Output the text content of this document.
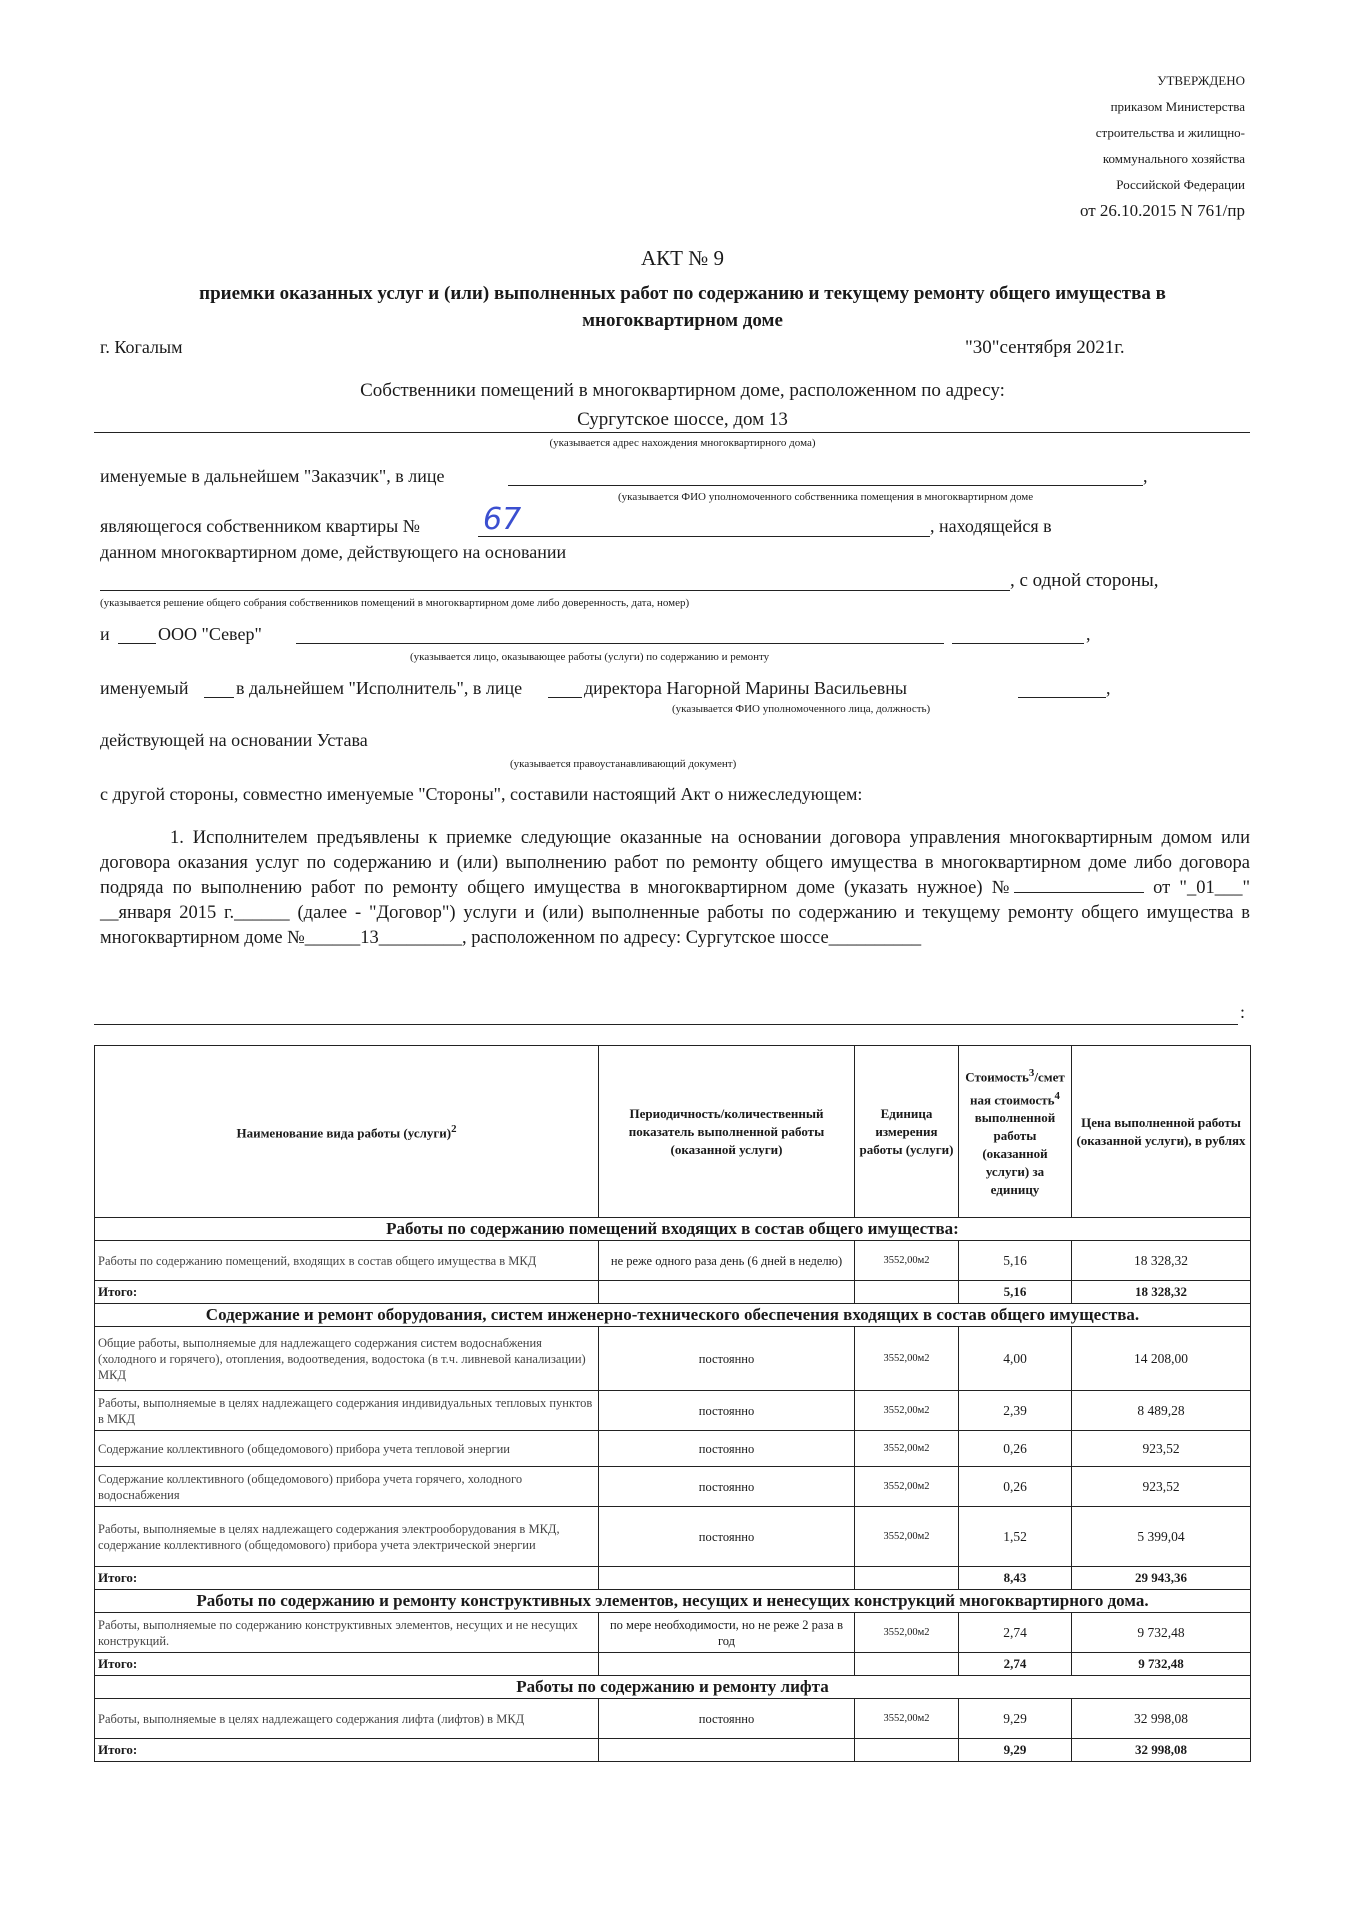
УТВЕРЖДЕНО
приказом Министерства
строительства и жилищно-
коммунального хозяйства
Российской Федерации
от 26.10.2015 N 761/пр
АКТ № 9
приемки оказанных услуг и (или) выполненных работ по содержанию и текущему ремонту общего имущества в многоквартирном доме
г. Когалым	"30"сентября 2021г.
Собственники помещений в многоквартирном доме, расположенном по адресу:
Сургутское шоссе, дом 13
(указывается адрес нахождения многоквартирного дома)
именуемые в дальнейшем "Заказчик", в лице	,
(указывается ФИО уполномоченного собственника помещения в многоквартирном доме
являющегося собственником квартиры № 67	, находящейся в
данном многоквартирном доме, действующего на основании
, с одной стороны,
(указывается решение общего собрания собственников помещений в многоквартирном доме либо доверенность, дата, номер)
и	ООО "Север"	,
(указывается лицо, оказывающее работы (услуги) по содержанию и ремонту
именуемый	в дальнейшем "Исполнитель", в лице	директора Нагорной Марины Васильевны	,
(указывается ФИО уполномоченного лица, должность)
действующей на основании Устава
(указывается правоустанавливающий документ)
с другой стороны, совместно именуемые "Стороны", составили настоящий Акт о нижеследующем:
1. Исполнителем предъявлены к приемке следующие оказанные на основании договора управления многоквартирным домом или договора оказания услуг по содержанию и (или) выполнению работ по ремонту общего имущества в многоквартирном доме либо договора подряда по выполнению работ по ремонту общего имущества в многоквартирном доме (указать нужное) №	от "_01___" __января 2015 г.______ (далее - "Договор") услуги и (или) выполненные работы по содержанию и текущему ремонту общего имущества в многоквартирном доме №______13_________, расположенном по адресу: Сургутское шоссе__________
:
Наименование вида работы (услуги)$^2$	Периодичность/количественный показатель выполненной работы (оказанной услуги)	Единица измерения работы (услуги)	Стоимость$^3$/смет ная стоимость$^4$ выполненной работы (оказанной услуги) за единицу	Цена выполненной работы (оказанной услуги), в рублях
Работы по содержанию помещений входящих в состав общего имущества:				
Работы по содержанию помещений, входящих в состав общего имущества в МКД	не реже одного раза день (6 дней в неделю)	3552,00м2	5,16	18 328,32
Итого:			5,16	18 328,32
Содержание и ремонт оборудования, систем инженерно-технического обеспечения входящих в состав общего имущества.				
Общие работы, выполняемые для надлежащего содержания систем водоснабжения (холодного и горячего), отопления, водоотведения, водостока (в т.ч. ливневой канализации) МКД	постоянно	3552,00м2	4,00	14 208,00
Работы, выполняемые в целях надлежащего содержания индивидуальных тепловых пунктов в МКД	постоянно	3552,00м2	2,39	8 489,28
Содержание коллективного (общедомового) прибора учета тепловой энергии	постоянно	3552,00м2	0,26	923,52
Содержание коллективного (общедомового) прибора учета горячего, холодного водоснабжения	постоянно	3552,00м2	0,26	923,52
Работы, выполняемые в целях надлежащего содержания электрооборудования в МКД, содержание коллективного (общедомового) прибора учета электрической энергии	постоянно	3552,00м2	1,52	5 399,04
Итого:			8,43	29 943,36
Работы по содержанию и ремонту конструктивных элементов, несущих и ненесущих конструкций многоквартирного дома.				
Работы, выполняемые по содержанию конструктивных элементов, несущих и не несущих конструкций.	по мере необходимости, но не реже 2 раза в год	3552,00м2	2,74	9 732,48
Итого:			2,74	9 732,48
Работы по содержанию и ремонту лифта				
Работы, выполняемые в целях надлежащего содержания лифта (лифтов) в МКД	постоянно	3552,00м2	9,29	32 998,08
Итого:			9,29	32 998,08
